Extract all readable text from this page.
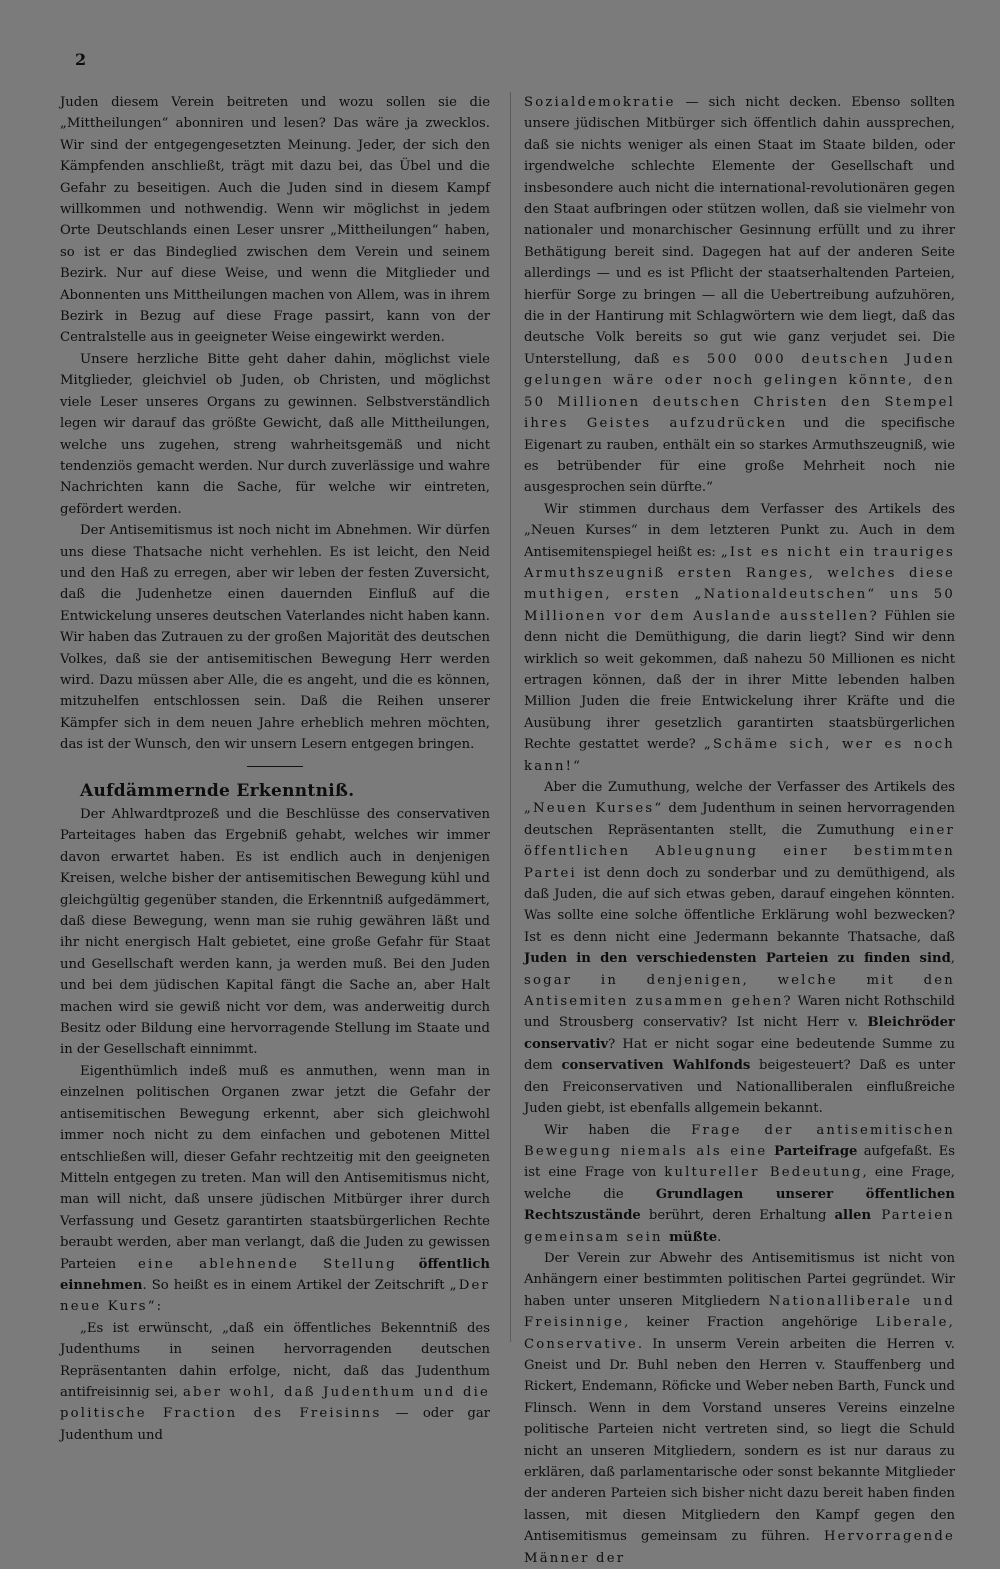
2

Juden diesem Verein beitreten und wozu sollen sie die „Mittheilungen“ abonniren und lesen? Das wäre ja zwecklos. Wir sind der entgegengesetzten Meinung. Jeder, der sich den Kämpfenden anschließt, trägt mit dazu bei, das Übel und die Gefahr zu beseitigen. Auch die Juden sind in diesem Kampf willkommen und nothwendig. Wenn wir möglichst in jedem Orte Deutschlands einen Leser unsrer „Mittheilungen“ haben, so ist er das Bindeglied zwischen dem Verein und seinem Bezirk. Nur auf diese Weise, und wenn die Mitglieder und Abonnenten uns Mittheilungen machen von Allem, was in ihrem Bezirk in Bezug auf diese Frage passirt, kann von der Centralstelle aus in geeigneter Weise eingewirkt werden.

Unsere herzliche Bitte geht daher dahin, möglichst viele Mitglieder, gleichviel ob Juden, ob Christen, und möglichst viele Leser unseres Organs zu gewinnen. Selbstverständlich legen wir darauf das größte Gewicht, daß alle Mittheilungen, welche uns zugehen, streng wahrheitsgemäß und nicht tendenziös gemacht werden. Nur durch zuverlässige und wahre Nachrichten kann die Sache, für welche wir eintreten, gefördert werden.

Der Antisemitismus ist noch nicht im Abnehmen. Wir dürfen uns diese Thatsache nicht verhehlen. Es ist leicht, den Neid und den Haß zu erregen, aber wir leben der festen Zuversicht, daß die Judenhetze einen dauernden Einfluß auf die Entwickelung unseres deutschen Vaterlandes nicht haben kann. Wir haben das Zutrauen zu der großen Majorität des deutschen Volkes, daß sie der antisemitischen Bewegung Herr werden wird. Dazu müssen aber Alle, die es angeht, und die es können, mitzuhelfen entschlossen sein. Daß die Reihen unserer Kämpfer sich in dem neuen Jahre erheblich mehren möchten, das ist der Wunsch, den wir unsern Lesern entgegen bringen.

Aufdämmernde Erkenntniß.

Der Ahlwardtprozeß und die Beschlüsse des conservativen Parteitages haben das Ergebniß gehabt, welches wir immer davon erwartet haben. Es ist endlich auch in denjenigen Kreisen, welche bisher der antisemitischen Bewegung kühl und gleichgültig gegenüber standen, die Erkenntniß aufgedämmert, daß diese Bewegung, wenn man sie ruhig gewähren läßt und ihr nicht energisch Halt gebietet, eine große Gefahr für Staat und Gesellschaft werden kann, ja werden muß. Bei den Juden und bei dem jüdischen Kapital fängt die Sache an, aber Halt machen wird sie gewiß nicht vor dem, was anderweitig durch Besitz oder Bildung eine hervorragende Stellung im Staate und in der Gesellschaft einnimmt.

Eigenthümlich indeß muß es anmuthen, wenn man in einzelnen politischen Organen zwar jetzt die Gefahr der antisemitischen Bewegung erkennt, aber sich gleichwohl immer noch nicht zu dem einfachen und gebotenen Mittel entschließen will, dieser Gefahr rechtzeitig mit den geeigneten Mitteln entgegen zu treten. Man will den Antisemitismus nicht, man will nicht, daß unsere jüdischen Mitbürger ihrer durch Verfassung und Gesetz garantirten staatsbürgerlichen Rechte beraubt werden, aber man verlangt, daß die Juden zu gewissen Parteien eine ablehnende Stellung öffentlich einnehmen. So heißt es in einem Artikel der Zeitschrift „Der neue Kurs“:

„Es ist erwünscht, „daß ein öffentliches Bekenntniß des Judenthums in seinen hervorragenden deutschen Repräsentanten dahin erfolge, nicht, daß das Judenthum antifreisinnig sei, aber wohl, daß Judenthum und die politische Fraction des Freisinns — oder gar Judenthum und

Sozialdemokratie — sich nicht decken. Ebenso sollten unsere jüdischen Mitbürger sich öffentlich dahin aussprechen, daß sie nichts weniger als einen Staat im Staate bilden, oder irgendwelche schlechte Elemente der Gesellschaft und insbesondere auch nicht die international-revolutionären gegen den Staat aufbringen oder stützen wollen, daß sie vielmehr von nationaler und monarchischer Gesinnung erfüllt und zu ihrer Bethätigung bereit sind. Dagegen hat auf der anderen Seite allerdings — und es ist Pflicht der staatserhaltenden Parteien, hierfür Sorge zu bringen — all die Uebertreibung aufzuhören, die in der Hantirung mit Schlagwörtern wie dem liegt, daß das deutsche Volk bereits so gut wie ganz verjudet sei. Die Unterstellung, daß es 500 000 deutschen Juden gelungen wäre oder noch gelingen könnte, den 50 Millionen deutschen Christen den Stempel ihres Geistes aufzudrücken und die specifische Eigenart zu rauben, enthält ein so starkes Armuthszeugniß, wie es betrübender für eine große Mehrheit noch nie ausgesprochen sein dürfte.“

Wir stimmen durchaus dem Verfasser des Artikels des „Neuen Kurses“ in dem letzteren Punkt zu. Auch in dem Antisemitenspiegel heißt es: „Ist es nicht ein trauriges Armuthszeugniß ersten Ranges, welches diese muthigen, ersten „Nationaldeutschen“ uns 50 Millionen vor dem Auslande ausstellen? Fühlen sie denn nicht die Demüthigung, die darin liegt? Sind wir denn wirklich so weit gekommen, daß nahezu 50 Millionen es nicht ertragen können, daß der in ihrer Mitte lebenden halben Million Juden die freie Entwickelung ihrer Kräfte und die Ausübung ihrer gesetzlich garantirten staatsbürgerlichen Rechte gestattet werde? „Schäme sich, wer es noch kann!“

Aber die Zumuthung, welche der Verfasser des Artikels des „Neuen Kurses“ dem Judenthum in seinen hervorragenden deutschen Repräsentanten stellt, die Zumuthung einer öffentlichen Ableugnung einer bestimmten Partei ist denn doch zu sonderbar und zu demüthigend, als daß Juden, die auf sich etwas geben, darauf eingehen könnten. Was sollte eine solche öffentliche Erklärung wohl bezwecken? Ist es denn nicht eine Jedermann bekannte Thatsache, daß Juden in den verschiedensten Parteien zu finden sind, sogar in denjenigen, welche mit den Antisemiten zusammen gehen? Waren nicht Rothschild und Strousberg conservativ? Ist nicht Herr v. Bleichröder conservativ? Hat er nicht sogar eine bedeutende Summe zu dem conservativen Wahlfonds beigesteuert? Daß es unter den Freiconservativen und Nationalliberalen einflußreiche Juden giebt, ist ebenfalls allgemein bekannt.

Wir haben die Frage der antisemitischen Bewegung niemals als eine Parteifrage aufgefaßt. Es ist eine Frage von kultureller Bedeutung, eine Frage, welche die Grundlagen unserer öffentlichen Rechtszustände berührt, deren Erhaltung allen Parteien gemeinsam sein müßte.

Der Verein zur Abwehr des Antisemitismus ist nicht von Anhängern einer bestimmten politischen Partei gegründet. Wir haben unter unseren Mitgliedern Nationalliberale und Freisinnige, keiner Fraction angehörige Liberale, Conservative. In unserm Verein arbeiten die Herren v. Gneist und Dr. Buhl neben den Herren v. Stauffenberg und Rickert, Endemann, Röficke und Weber neben Barth, Funck und Flinsch. Wenn in dem Vorstand unseres Vereins einzelne politische Parteien nicht vertreten sind, so liegt die Schuld nicht an unseren Mitgliedern, sondern es ist nur daraus zu erklären, daß parlamentarische oder sonst bekannte Mitglieder der anderen Parteien sich bisher nicht dazu bereit haben finden lassen, mit diesen Mitgliedern den Kampf gegen den Antisemitismus gemeinsam zu führen. Hervorragende Männer der
